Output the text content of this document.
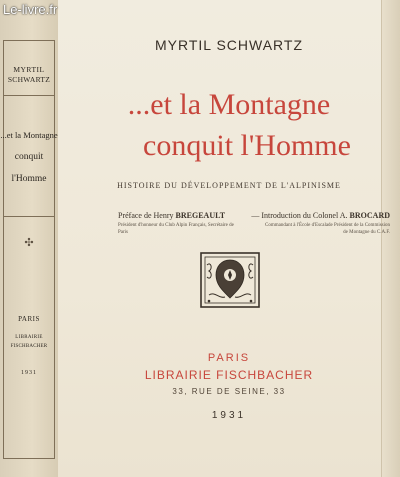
MYRTIL
SCHWARTZ
...et la Montagne
conquit
l'Homme
✣
PARIS
LIBRAIRIE
FISCHBACHER
1931
MYRTIL SCHWARTZ
...et la Montagne
conquit l'Homme
HISTOIRE DU DÉVELOPPEMENT DE L'ALPINISME
Préface de Henry BREGEAULT
Président d'honneur du Club Alpin Français, Secrétaire de Paris
— Introduction du Colonel A. BROCARD
Commandant à l'École d'Escalade Président de la Commission de Montagne du C.A.F.
PARIS
LIBRAIRIE FISCHBACHER
33, RUE DE SEINE, 33
1931
Le-livre.fr
